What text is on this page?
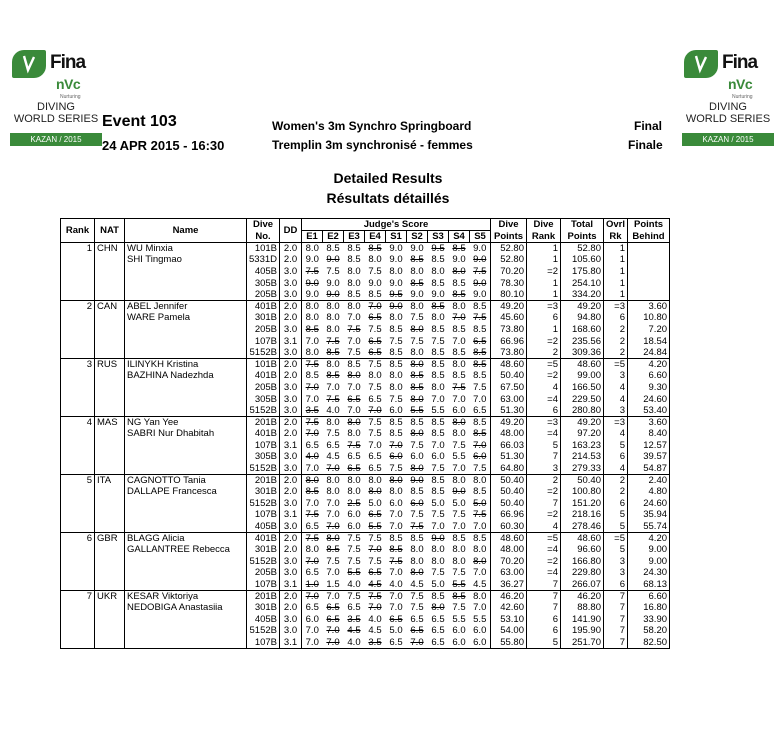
Fina
nVc
Nurturing
DIVING
WORLD SERIES
KAZAN / 2015
Fina
nVc
Nurturing
DIVING
WORLD SERIES
KAZAN / 2015
Event 103
24 APR 2015 - 16:30
Women's 3m Synchro Springboard
Tremplin 3m synchronisé - femmes
Final
Finale
Detailed Results
Résultats détaillés
Rank	NAT	Name	Dive	DD	Judge's Score									Dive	Dive	Total	Ovrl	Points
			No.		E1	E2	E3	E4	S1	S2	S3	S4	S5	Points	Rank	Points	Rk	Behind
1	CHN	WU Minxia	101B	2.0	8.0	8.5	8.5	8.5	9.0	9.0	9.5	8.5	9.0	52.80	1	52.80	1	
		SHI Tingmao	5331D	2.0	9.0	9.0	8.5	8.0	9.0	8.5	8.5	9.0	9.0	52.80	1	105.60	1	
			405B	3.0	7.5	7.5	8.0	7.5	8.0	8.0	8.0	8.0	7.5	70.20	=2	175.80	1	
			305B	3.0	9.0	9.0	8.0	9.0	9.0	8.5	8.5	8.5	9.0	78.30	1	254.10	1	
			205B	3.0	9.0	9.0	8.5	8.5	9.5	9.0	9.0	8.5	9.0	80.10	1	334.20	1	
2	CAN	ABEL Jennifer	401B	2.0	8.0	8.0	8.0	7.0	9.0	8.0	8.5	8.0	8.5	49.20	=3	49.20	=3	3.60
		WARE Pamela	301B	2.0	8.0	8.0	7.0	6.5	8.0	7.5	8.0	7.0	7.5	45.60	6	94.80	6	10.80
			205B	3.0	8.5	8.0	7.5	7.5	8.5	8.0	8.5	8.5	8.5	73.80	1	168.60	2	7.20
			107B	3.1	7.0	7.5	7.0	6.5	7.5	7.5	7.5	7.0	6.5	66.96	=2	235.56	2	18.54
			5152B	3.0	8.0	8.5	7.5	6.5	8.5	8.0	8.5	8.5	8.5	73.80	2	309.36	2	24.84
3	RUS	ILINYKH Kristina	101B	2.0	7.5	8.0	8.5	7.5	8.5	8.0	8.5	8.0	8.5	48.60	=5	48.60	=5	4.20
		BAZHINA Nadezhda	401B	2.0	8.5	8.5	8.0	8.0	8.0	8.5	8.5	8.5	8.5	50.40	=2	99.00	3	6.60
			205B	3.0	7.0	7.0	7.0	7.5	8.0	8.5	8.0	7.5	7.5	67.50	4	166.50	4	9.30
			305B	3.0	7.0	7.5	6.5	6.5	7.5	8.0	7.0	7.0	7.0	63.00	=4	229.50	4	24.60
			5152B	3.0	3.5	4.0	7.0	7.0	6.0	5.5	5.5	6.0	6.5	51.30	6	280.80	3	53.40
4	MAS	NG Yan Yee	201B	2.0	7.5	8.0	8.0	7.5	8.5	8.5	8.5	8.0	8.5	49.20	=3	49.20	=3	3.60
		SABRI Nur Dhabitah	401B	2.0	7.0	7.5	8.0	7.5	8.5	8.0	8.5	8.0	8.5	48.00	=4	97.20	4	8.40
			107B	3.1	6.5	6.5	7.5	7.0	7.0	7.5	7.0	7.5	7.0	66.03	5	163.23	5	12.57
			305B	3.0	4.0	4.5	6.5	6.5	6.0	6.0	6.0	5.5	6.0	51.30	7	214.53	6	39.57
			5152B	3.0	7.0	7.0	6.5	6.5	7.5	8.0	7.5	7.0	7.5	64.80	3	279.33	4	54.87
5	ITA	CAGNOTTO Tania	201B	2.0	8.0	8.0	8.0	8.0	8.0	9.0	8.5	8.0	8.0	50.40	2	50.40	2	2.40
		DALLAPE Francesca	301B	2.0	8.5	8.0	8.0	8.0	8.0	8.5	8.5	9.0	8.5	50.40	=2	100.80	2	4.80
			5152B	3.0	7.0	7.0	2.5	5.0	6.0	6.0	5.0	5.0	5.0	50.40	7	151.20	6	24.60
			107B	3.1	7.5	7.0	6.0	6.5	7.0	7.5	7.5	7.5	7.5	66.96	=2	218.16	5	35.94
			405B	3.0	6.5	7.0	6.0	5.5	7.0	7.5	7.0	7.0	7.0	60.30	4	278.46	5	55.74
6	GBR	BLAGG Alicia	401B	2.0	7.5	8.0	7.5	7.5	8.5	8.5	9.0	8.5	8.5	48.60	=5	48.60	=5	4.20
		GALLANTREE Rebecca	301B	2.0	8.0	8.5	7.5	7.0	8.5	8.0	8.0	8.0	8.0	48.00	=4	96.60	5	9.00
			5152B	3.0	7.0	7.5	7.5	7.5	7.5	8.0	8.0	8.0	8.0	70.20	=2	166.80	3	9.00
			205B	3.0	6.5	7.0	5.5	6.5	7.0	8.0	7.5	7.5	7.0	63.00	=4	229.80	3	24.30
			107B	3.1	1.0	1.5	4.0	4.5	4.0	4.5	5.0	5.5	4.5	36.27	7	266.07	6	68.13
7	UKR	KESAR Viktoriya	201B	2.0	7.0	7.0	7.5	7.5	7.0	7.5	8.5	8.5	8.0	46.20	7	46.20	7	6.60
		NEDOBIGA Anastasiia	301B	2.0	6.5	6.5	6.5	7.0	7.0	7.5	8.0	7.5	7.0	42.60	7	88.80	7	16.80
			405B	3.0	6.0	6.5	3.5	4.0	6.5	6.5	6.5	5.5	5.5	53.10	6	141.90	7	33.90
			5152B	3.0	7.0	7.0	4.5	4.5	5.0	6.5	6.5	6.0	6.0	54.00	6	195.90	7	58.20
			107B	3.1	7.0	7.0	4.0	3.5	6.5	7.0	6.5	6.0	6.0	55.80	5	251.70	7	82.50
